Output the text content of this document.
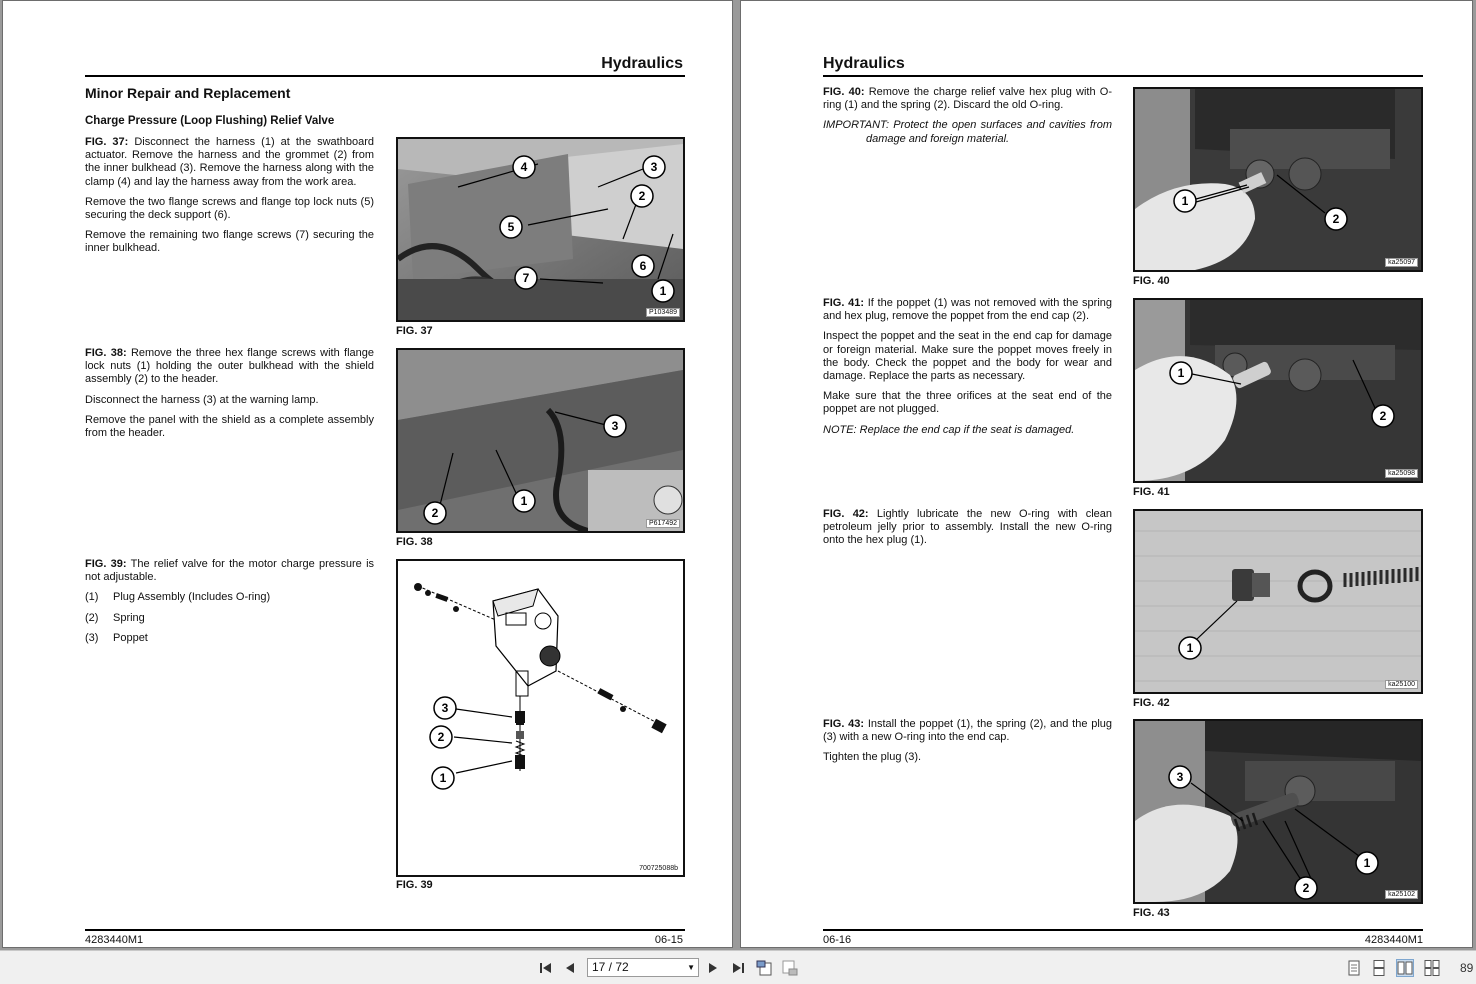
Hydraulics
Minor Repair and Replacement
Charge Pressure (Loop Flushing) Relief Valve

FIG. 37: Disconnect the harness (1) at the swathboard actuator. Remove the harness and the grommet (2) from the inner bulkhead (3). Remove the harness along with the clamp (4) and lay the harness away from the work area.

Remove the two flange screws and flange top lock nuts (5) securing the deck support (6).

Remove the remaining two flange screws (7) securing the inner bulkhead.

4	3
2
5
6
7
1
P103489
FIG. 37

FIG. 38: Remove the three hex flange screws with flange lock nuts (1) holding the outer bulkhead with the shield assembly (2) to the header.

Disconnect the harness (3) at the warning lamp.

Remove the panel with the shield as a complete assembly from the header.

3
1
2
P617492
FIG. 38

FIG. 39: The relief valve for the motor charge pressure is not adjustable.

(1)	Plug Assembly (Includes O-ring)
(2)	Spring
(3)	Poppet
3
2
1
700725088b
FIG. 39
4283440M1	06-15
Hydraulics

FIG. 40: Remove the charge relief valve hex plug with O-ring (1) and the spring (2). Discard the old O-ring.

IMPORTANT: Protect the open surfaces and cavities from damage and foreign material.

1
2
ka25097
FIG. 40

FIG. 41: If the poppet (1) was not removed with the spring and hex plug, remove the poppet from the end cap (2).

Inspect the poppet and the seat in the end cap for damage or foreign material. Make sure the poppet moves freely in the body. Check the poppet and the body for wear and damage. Replace the parts as necessary.

Make sure that the three orifices at the seat end of the poppet are not plugged.

NOTE: Replace the end cap if the seat is damaged.

1
2
ka25098
FIG. 41

FIG. 42: Lightly lubricate the new O-ring with clean petroleum jelly prior to assembly. Install the new O-ring onto the hex plug (1).

1
ka25100
FIG. 42

FIG. 43: Install the poppet (1), the spring (2), and the plug (3) with a new O-ring into the end cap.

Tighten the plug (3).

3
1
2	ka25102
FIG. 43
06-16	4283440M1
17 / 72	▼	89
